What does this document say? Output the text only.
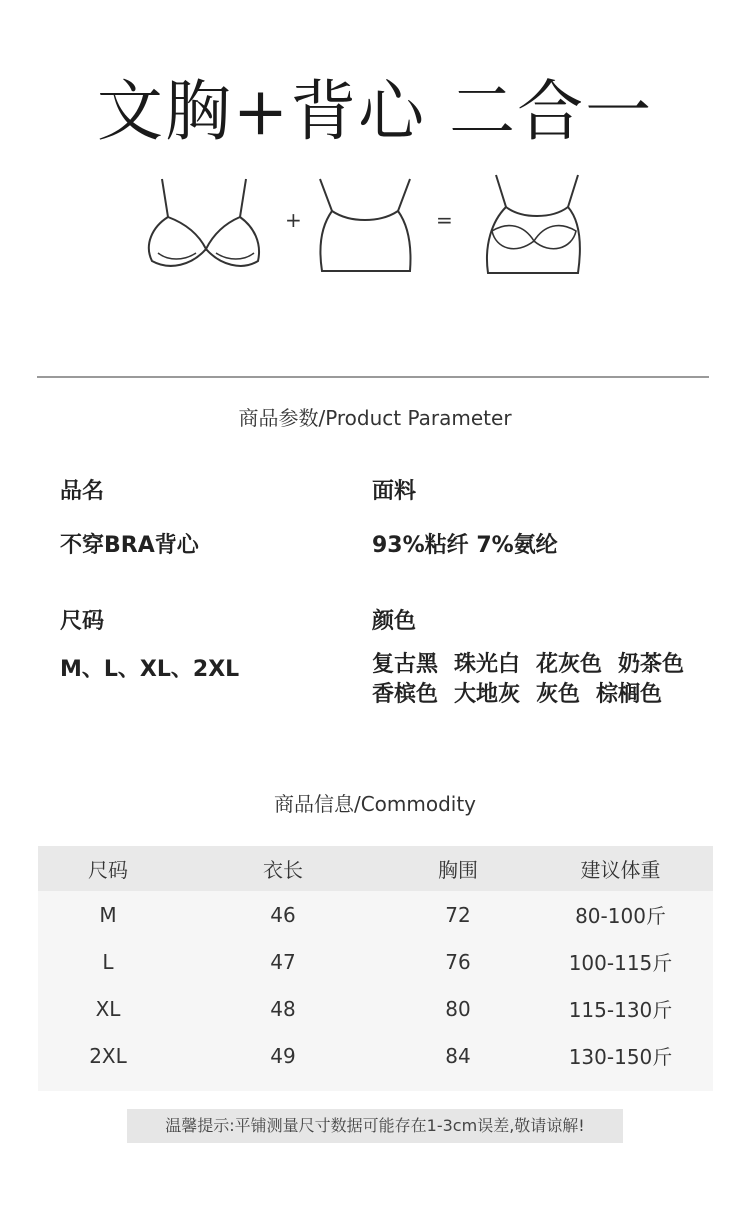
文胸+背心 二合一
+	=
商品参数/Product Parameter
品名	面料
不穿BRA背心	93%粘纤 7%氨纶
尺码	颜色
M、L、XL、2XL	复古黑 珠光白 花灰色 奶茶色
香槟色 大地灰 灰色 棕榈色
商品信息/Commodity
尺码	衣长	胸围	建议体重
M	46	72	80-100斤
L	47	76	100-115斤
XL	48	80	115-130斤
2XL	49	84	130-150斤
温馨提示:平铺测量尺寸数据可能存在1-3cm误差,敬请谅解!
